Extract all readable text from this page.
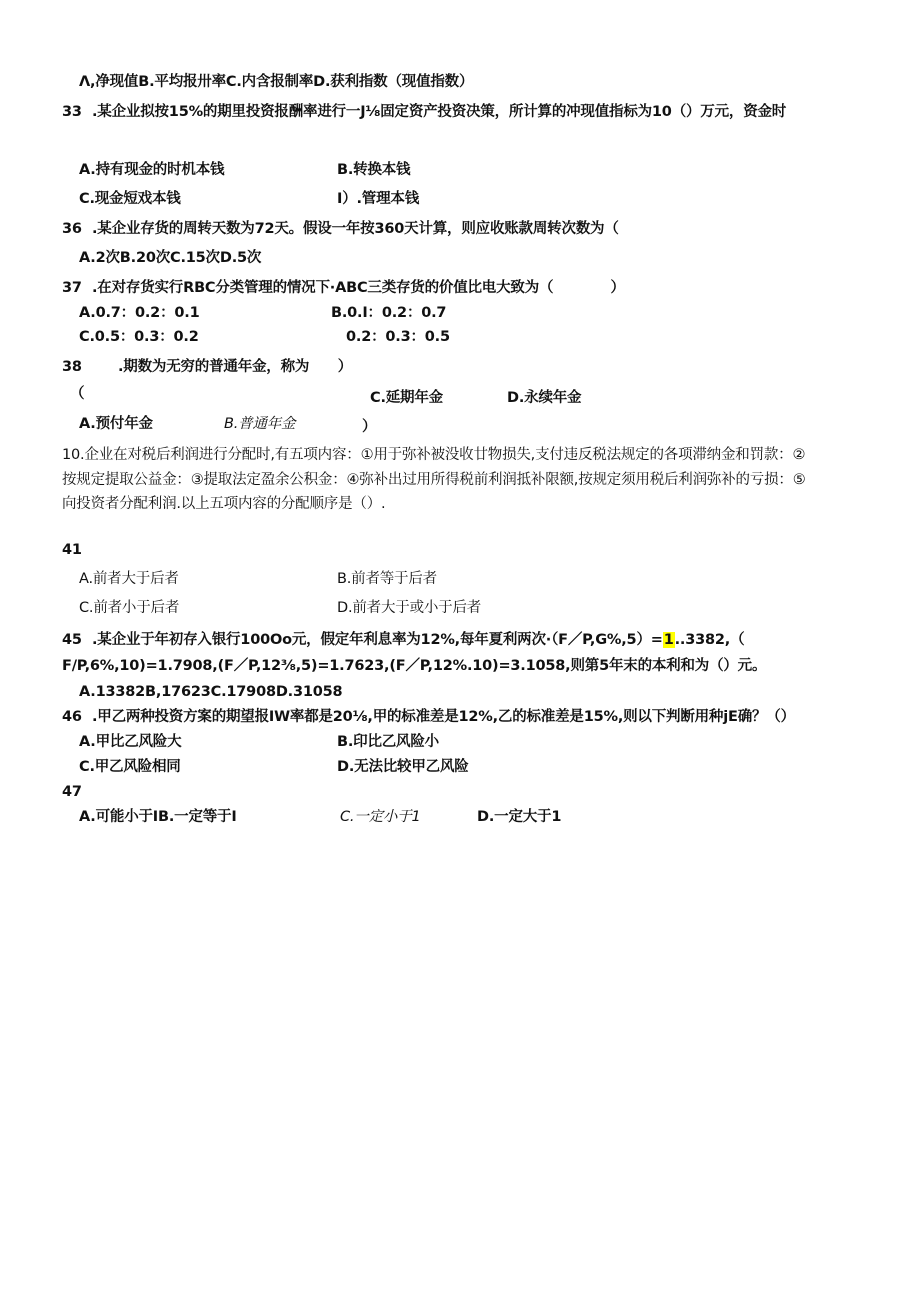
Λ,净现值B.平均报卅率C.内含报制率D.获利指数（现值指数）
33 .某企业拟按15%的期里投资报酬率进行一J⅛固定资产投资决策，所计算的冲现值指标为10（）万元，资金时
A.持有现金的时机本钱	B.转换本钱
C.现金短戏本钱	I）.管理本钱
36 .某企业存货的周转天数为72天。假设一年按360天计算，则应收账款周转次数为（
A.2次B.20次C.15次D.5次
37 .在对存货实行RBC分类管理的情况下·ABC三类存货的价值比电大致为（　　　　）
A.0.7：0.2：0.1	B.0.I：0.2：0.7
C.0.5：0.3：0.2	0.2：0.3：0.5
38 .期数为无穷的普通年金，称为　　）
（	C.延期年金	D.永续年金
A.预付年金	B.普通年金	）
10.企业在对税后利润进行分配时,有五项内容：①用于弥补被没收廿物损失,支付违反税法规定的各项滞纳金和罚款：②
按规定提取公益金：③提取法定盈余公积金：④弥补出过用所得税前利润抵补限额,按规定须用税后利润弥补的亏损：⑤
向投资者分配利润.以上五项内容的分配顺序是（）.
41
A.前者大于后者	B.前者等于后者
C.前者小于后者	D.前者大于或小于后者
45 .某企业于年初存入银行100Oo元，假定年利息率为12%,每年夏利两次·（F／P,G%,5）=1..3382,（
F/P,6%,10)=1.7908,(F／P,12⅜,5)=1.7623,(F／P,12%.10)=3.1058,则第5年末的本利和为（）元。
A.13382B,17623C.17908D.31058
46 .甲乙两种投资方案的期望报IW率都是20⅛,甲的标准差是12%,乙的标准差是15%,则以下判断用种jE确？（）
A.甲比乙风险大	B.印比乙风险小
C.甲乙风险相同	D.无法比较甲乙风险
47
A.可能小于IB.一定等于I	C.一定小于1	D.一定大于1
